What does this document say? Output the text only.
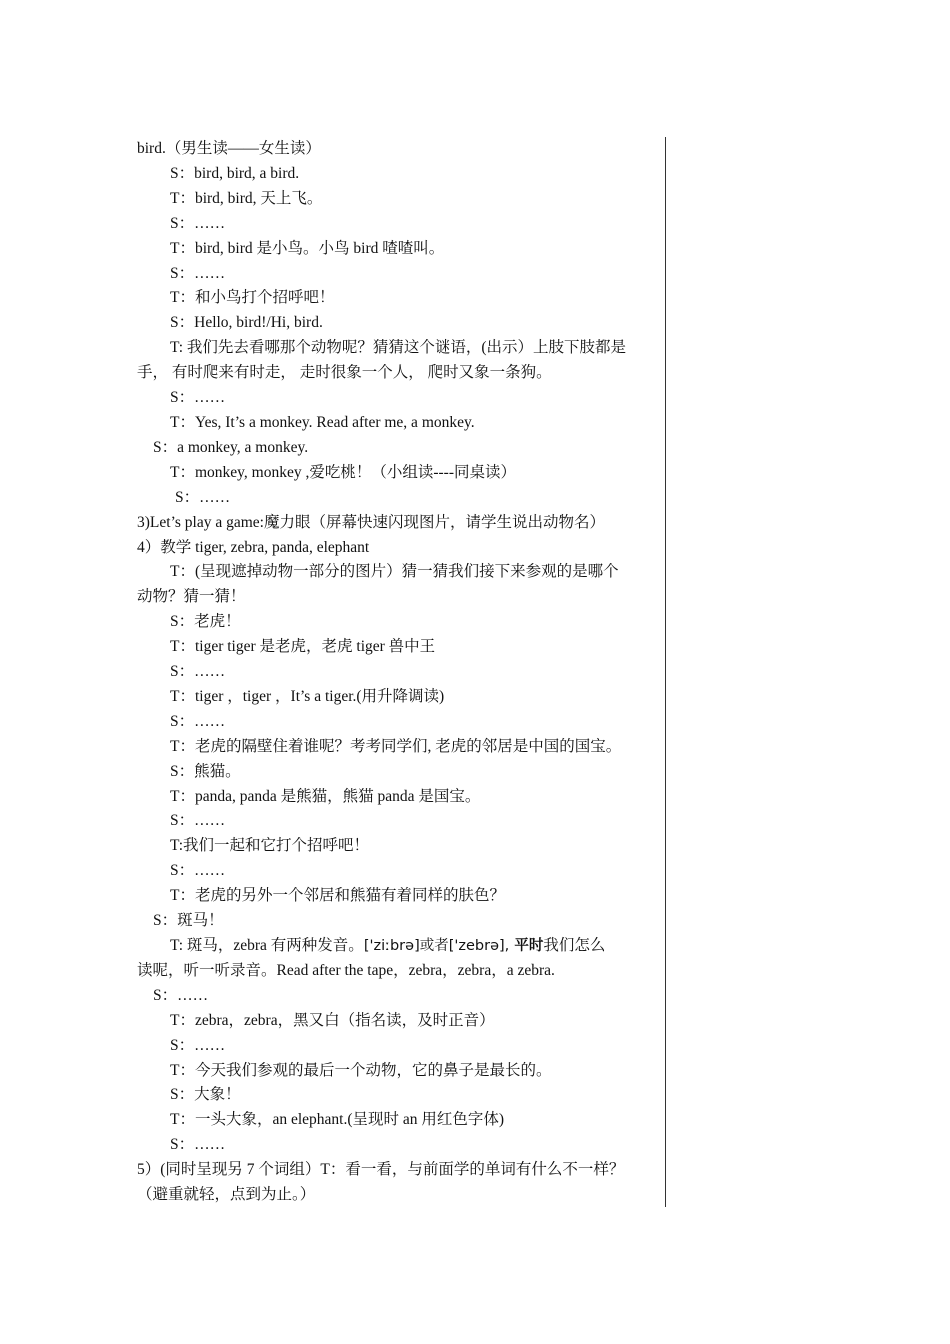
bird.（男生读——女生读）
S：bird, bird, a bird.
T：bird, bird, 天上飞。
S：……
T：bird, bird 是小鸟。小鸟 bird 喳喳叫。
S：……
T：和小鸟打个招呼吧！
S：Hello, bird!/Hi, bird.
T: 我们先去看哪那个动物呢？猜猜这个谜语，(出示）上肢下肢都是
手， 有时爬来有时走， 走时很象一个人， 爬时又象一条狗。
S：……
T：Yes, It’s a monkey. Read after me, a monkey.
S：a monkey, a monkey.
T：monkey, monkey ,爱吃桃！（小组读----同桌读）
S：……
3)Let’s play a game:魔力眼（屏幕快速闪现图片，请学生说出动物名）
4）教学 tiger, zebra, panda, elephant
T：(呈现遮掉动物一部分的图片）猜一猜我们接下来参观的是哪个
动物？猜一猜！
S：老虎！
T：tiger tiger 是老虎，老虎 tiger 兽中王
S：……
T：tiger ，tiger ，It’s a tiger.(用升降调读)
S：……
T：老虎的隔壁住着谁呢？考考同学们, 老虎的邻居是中国的国宝。
S：熊猫。
T：panda, panda 是熊猫，熊猫 panda 是国宝。
S：……
T:我们一起和它打个招呼吧！
S：……
T：老虎的另外一个邻居和熊猫有着同样的肤色？
S：斑马！
T: 斑马，zebra 有两种发音。['ziːbrə]或者['zebrə], 平时我们怎么
读呢，听一听录音。Read after the tape，zebra，zebra，a zebra.
S：……
T：zebra，zebra，黑又白（指名读，及时正音）
S：……
T：今天我们参观的最后一个动物，它的鼻子是最长的。
S：大象！
T：一头大象，an elephant.(呈现时 an 用红色字体)
S：……
5）(同时呈现另 7 个词组）T：看一看，与前面学的单词有什么不一样？
（避重就轻，点到为止。）
